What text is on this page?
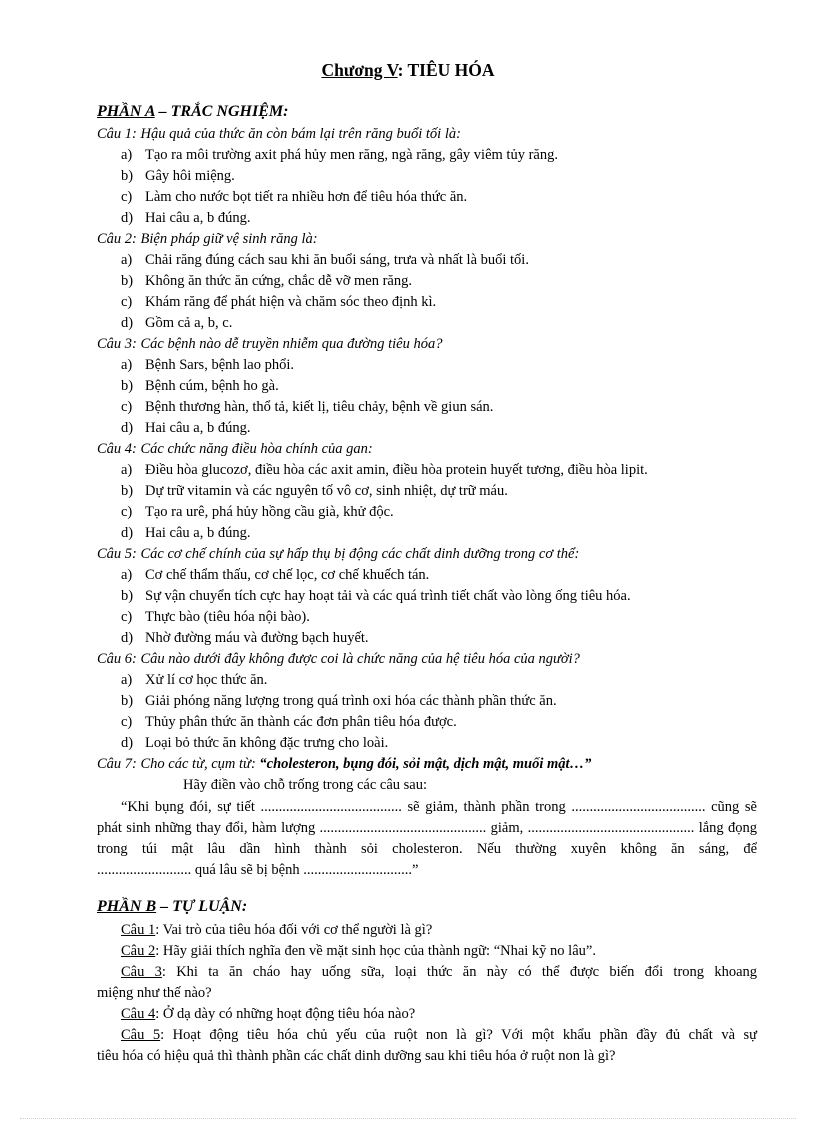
Chương V: TIÊU HÓA
PHẦN A – TRẮC NGHIỆM:
Câu 1: Hậu quả của thức ăn còn bám lại trên răng buổi tối là:
a) Tạo ra môi trường axit phá hủy men răng, ngà răng, gây viêm tủy răng.
b) Gây hôi miệng.
c) Làm cho nước bọt tiết ra nhiều hơn để tiêu hóa thức ăn.
d) Hai câu a, b đúng.
Câu 2: Biện pháp giữ vệ sinh răng là:
a) Chải răng đúng cách sau khi ăn buổi sáng, trưa và nhất là buổi tối.
b) Không ăn thức ăn cứng, chắc dễ vỡ men răng.
c) Khám răng để phát hiện và chăm sóc theo định kì.
d) Gồm cả a, b, c.
Câu 3: Các bệnh nào dễ truyền nhiễm qua đường tiêu hóa?
a) Bệnh Sars, bệnh lao phổi.
b) Bệnh cúm, bệnh ho gà.
c) Bệnh thương hàn, thổ tả, kiết lị, tiêu chảy, bệnh về giun sán.
d) Hai câu a, b đúng.
Câu 4: Các chức năng điều hòa chính của gan:
a) Điều hòa glucozơ, điều hòa các axit amin, điều hòa protein huyết tương, điều hòa lipit.
b) Dự trữ vitamin và các nguyên tố vô cơ, sinh nhiệt, dự trữ máu.
c) Tạo ra urê, phá hủy hồng cầu già, khử độc.
d) Hai câu a, b đúng.
Câu 5: Các cơ chế chính của sự hấp thụ bị động các chất dinh dưỡng trong cơ thể:
a) Cơ chế thẩm thấu, cơ chế lọc, cơ chế khuếch tán.
b) Sự vận chuyển tích cực hay hoạt tải và các quá trình tiết chất vào lòng ống tiêu hóa.
c) Thực bào (tiêu hóa nội bào).
d) Nhờ đường máu và đường bạch huyết.
Câu 6: Câu nào dưới đây không được coi là chức năng của hệ tiêu hóa của người?
a) Xử lí cơ học thức ăn.
b) Giải phóng năng lượng trong quá trình oxi hóa các thành phần thức ăn.
c) Thủy phân thức ăn thành các đơn phân tiêu hóa được.
d) Loại bỏ thức ăn không đặc trưng cho loài.
Câu 7: Cho các từ, cụm từ: “cholesteron, bụng đói, sỏi mật, dịch mật, muối mật…”
Hãy điền vào chỗ trống trong các câu sau:
“Khi bụng đói, sự tiết ....................................... sẽ giảm, thành phần trong ..................................... cũng sẽ
phát sinh những thay đổi, hàm lượng .............................................. giảm, .............................................. lắng đọng
trong túi mật lâu dần hình thành sỏi cholesteron. Nếu thường xuyên không ăn sáng, để
.......................... quá lâu sẽ bị bệnh ..............................”
PHẦN B – TỰ LUẬN:
Câu 1: Vai trò của tiêu hóa đối với cơ thể người là gì?
Câu 2: Hãy giải thích nghĩa đen về mặt sinh học của thành ngữ: “Nhai kỹ no lâu”.
Câu 3: Khi ta ăn cháo hay uống sữa, loại thức ăn này có thể được biến đổi trong khoang
miệng như thế nào?
Câu 4: Ở dạ dày có những hoạt động tiêu hóa nào?
Câu 5: Hoạt động tiêu hóa chủ yếu của ruột non là gì? Với một khẩu phần đầy đủ chất và sự
tiêu hóa có hiệu quả thì thành phần các chất dinh dưỡng sau khi tiêu hóa ở ruột non là gì?
